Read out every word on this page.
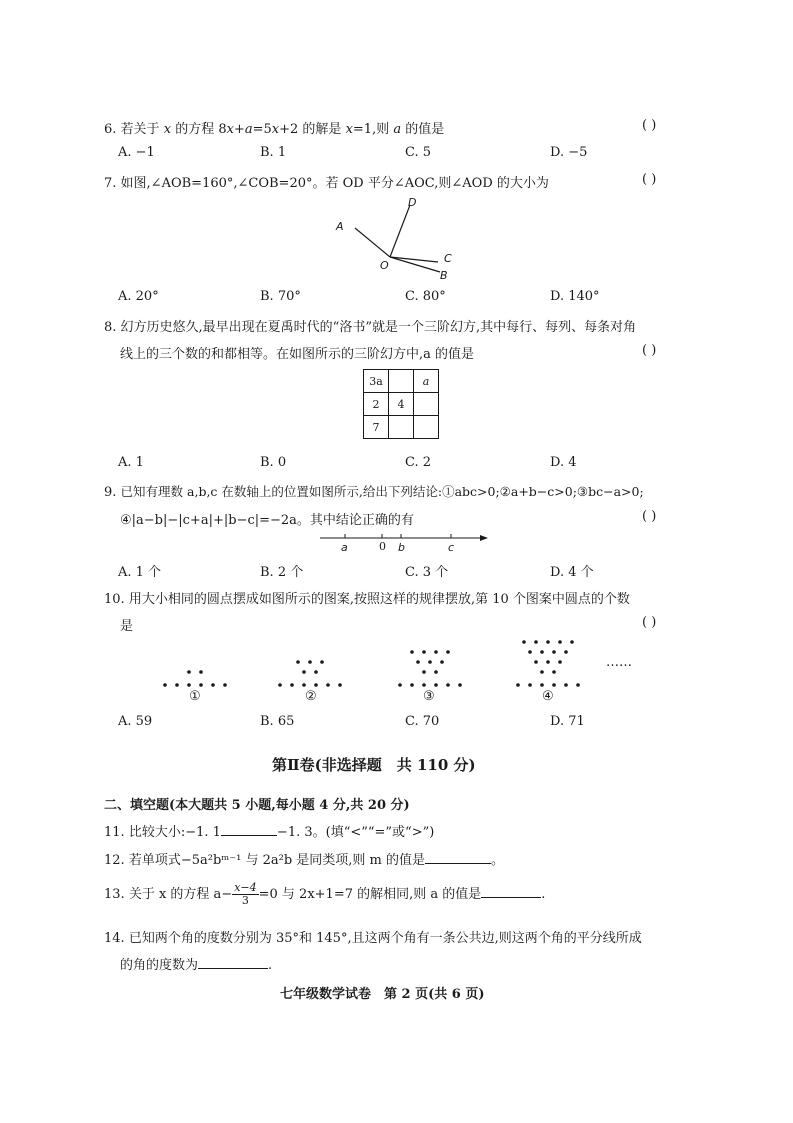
6. 若关于 x 的方程 8x+a=5x+2 的解是 x=1,则 a 的值是	( )
A. −1	B. 1	C. 5	D. −5
7. 如图,∠AOB=160°,∠COB=20°。若 OD 平分∠AOC,则∠AOD 的大小为	( )
A
D
O
C
B
A. 20°	B. 70°	C. 80°	D. 140°
8. 幻方历史悠久,最早出现在夏禹时代的“洛书”就是一个三阶幻方,其中每行、每列、每条对角
线上的三个数的和都相等。在如图所示的三阶幻方中,a 的值是	( )
3a		a
2	4	
7		
A. 1	B. 0	C. 2	D. 4
9. 已知有理数 a,b,c 在数轴上的位置如图所示,给出下列结论:①abc>0;②a+b−c>0;③bc−a>0;
④|a−b|−|c+a|+|b−c|=−2a。其中结论正确的有	( )
a	0 b	c
A. 1 个	B. 2 个	C. 3 个	D. 4 个
10. 用大小相同的圆点摆成如图所示的图案,按照这样的规律摆放,第 10 个图案中圆点的个数
是	( )
①	②	③	④
……
A. 59	B. 65	C. 70	D. 71
第Ⅱ卷(非选择题　共 110 分)
二、填空题(本大题共 5 小题,每小题 4 分,共 20 分)
11. 比较大小:−1. 1	−1. 3。(填“<”“=”或“>”)
12. 若单项式−5a²bᵐ⁻¹ 与 2a²b 是同类项,则 m 的值是	。
13. 关于 x 的方程 $a- \frac{x-4}{3} =0$ 与 2x+1=7 的解相同,则 a 的值是	.
14. 已知两个角的度数分别为 35°和 145°,且这两个角有一条公共边,则这两个角的平分线所成
的角的度数为	.
七年级数学试卷　第 2 页(共 6 页)
